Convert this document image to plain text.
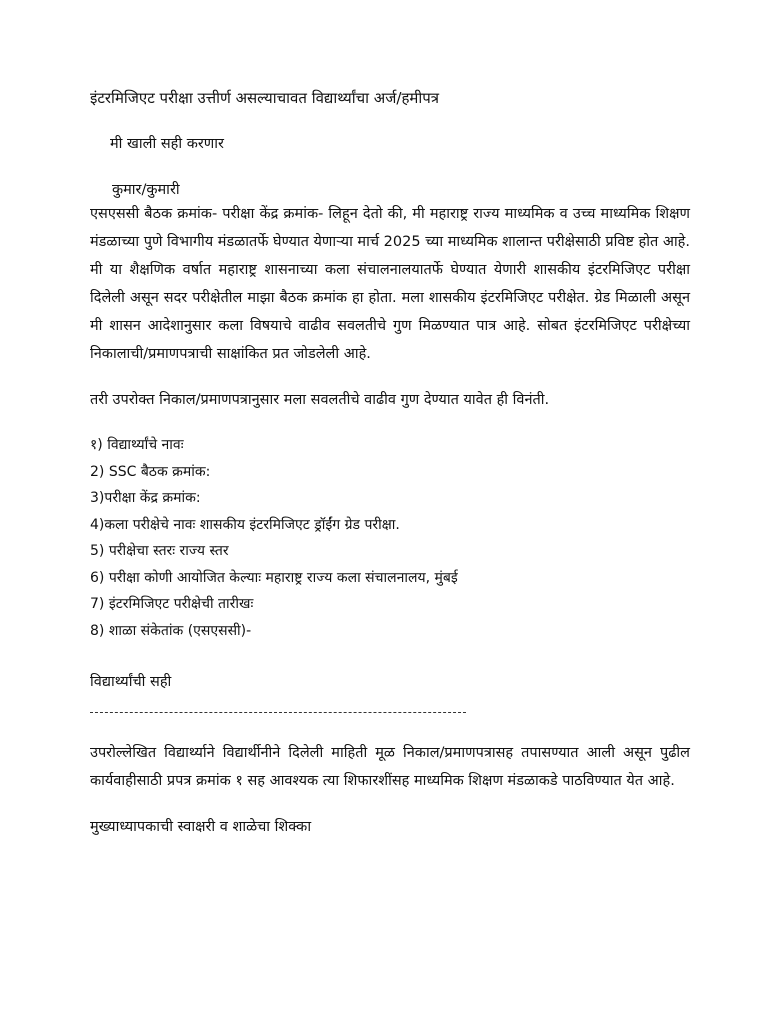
इंटरमिजिएट परीक्षा उत्तीर्ण असल्याचावत विद्यार्थ्यांचा अर्ज/हमीपत्र
मी खाली सही करणार
कुमार/कुमारी

एसएससी बैठक क्रमांक- परीक्षा केंद्र क्रमांक- लिहून देतो की, मी महाराष्ट्र राज्य माध्यमिक व उच्च माध्यमिक शिक्षण मंडळाच्या पुणे विभागीय मंडळातर्फे घेण्यात येणाऱ्या मार्च 2025 च्या माध्यमिक शालान्त परीक्षेसाठी प्रविष्ट होत आहे. मी या शैक्षणिक वर्षात महाराष्ट्र शासनाच्या कला संचालनालयातर्फे घेण्यात येणारी शासकीय इंटरमिजिएट परीक्षा दिलेली असून सदर परीक्षेतील माझा बैठक क्रमांक हा होता. मला शासकीय इंटरमिजिएट परीक्षेत. ग्रेड मिळाली असून मी शासन आदेशानुसार कला विषयाचे वाढीव सवलतीचे गुण मिळण्यात पात्र आहे. सोबत इंटरमिजिएट परीक्षेच्या निकालाची/प्रमाणपत्राची साक्षांकित प्रत जोडलेली आहे.

तरी उपरोक्त निकाल/प्रमाणपत्रानुसार मला सवलतीचे वाढीव गुण देण्यात यावेत ही विनंती.
१) विद्यार्थ्यांचे नावः
2) SSC बैठक क्रमांक:
3)परीक्षा केंद्र क्रमांक:
4)कला परीक्षेचे नावः शासकीय इंटरमिजिएट ड्रॉईंग ग्रेड परीक्षा.
5) परीक्षेचा स्तरः राज्य स्तर
6) परीक्षा कोणी आयोजित केल्याः महाराष्ट्र राज्य कला संचालनालय, मुंबई
7) इंटरमिजिएट परीक्षेची तारीखः
8) शाळा संकेतांक (एसएससी)-
विद्यार्थ्यांची सही

उपरोल्लेखित विद्यार्थ्याने विद्यार्थीनीने दिलेली माहिती मूळ निकाल/प्रमाणपत्रासह तपासण्यात आली असून पुढील कार्यवाहीसाठी प्रपत्र क्रमांक १ सह आवश्यक त्या शिफारशींसह माध्यमिक शिक्षण मंडळाकडे पाठविण्यात येत आहे.

मुख्याध्यापकाची स्वाक्षरी व शाळेचा शिक्का
